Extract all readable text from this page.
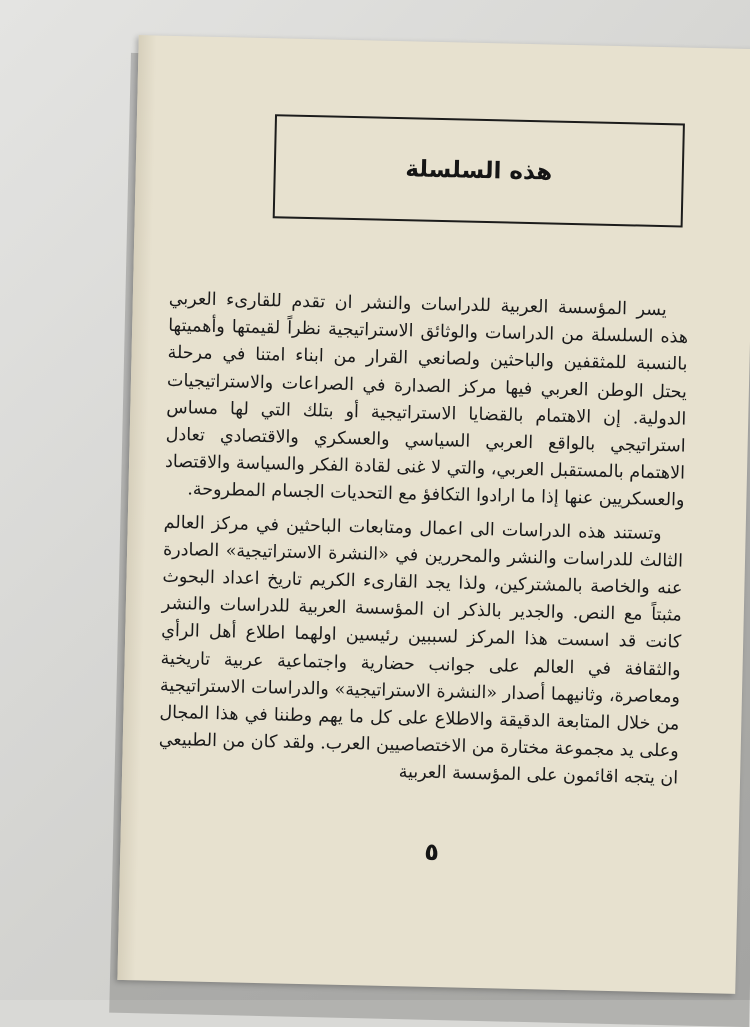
هذه السلسلة

يسر المؤسسة العربية للدراسات والنشر ان تقدم للقارىء العربي هذه السلسلة من الدراسات والوثائق الاستراتيجية نظراً لقيمتها وأهميتها بالنسبة للمثقفين والباحثين ولصانعي القرار من ابناء امتنا في مرحلة يحتل الوطن العربي فيها مركز الصدارة في الصراعات والاستراتيجيات الدولية. إن الاهتمام بالقضايا الاستراتيجية أو بتلك التي لها مساس استراتيجي بالواقع العربي السياسي والعسكري والاقتصادي تعادل الاهتمام بالمستقبل العربي، والتي لا غنى لقادة الفكر والسياسة والاقتصاد والعسكريين عنها إذا ما ارادوا التكافؤ مع التحديات الجسام المطروحة.

وتستند هذه الدراسات الى اعمال ومتابعات الباحثين في مركز العالم الثالث للدراسات والنشر والمحررين في «النشرة الاستراتيجية» الصادرة عنه والخاصة بالمشتركين، ولذا يجد القارىء الكريم تاريخ اعداد البحوث مثبتاً مع النص. والجدير بالذكر ان المؤسسة العربية للدراسات والنشر كانت قد اسست هذا المركز لسببين رئيسين اولهما اطلاع أهل الرأي والثقافة في العالم على جوانب حضارية واجتماعية عربية تاريخية ومعاصرة، وثانيهما أصدار «النشرة الاستراتيجية» والدراسات الاستراتيجية من خلال المتابعة الدقيقة والاطلاع على كل ما يهم وطننا في هذا المجال وعلى يد مجموعة مختارة من الاختصاصيين العرب. ولقد كان من الطبيعي ان يتجه اقائمون على المؤسسة العربية

٥
